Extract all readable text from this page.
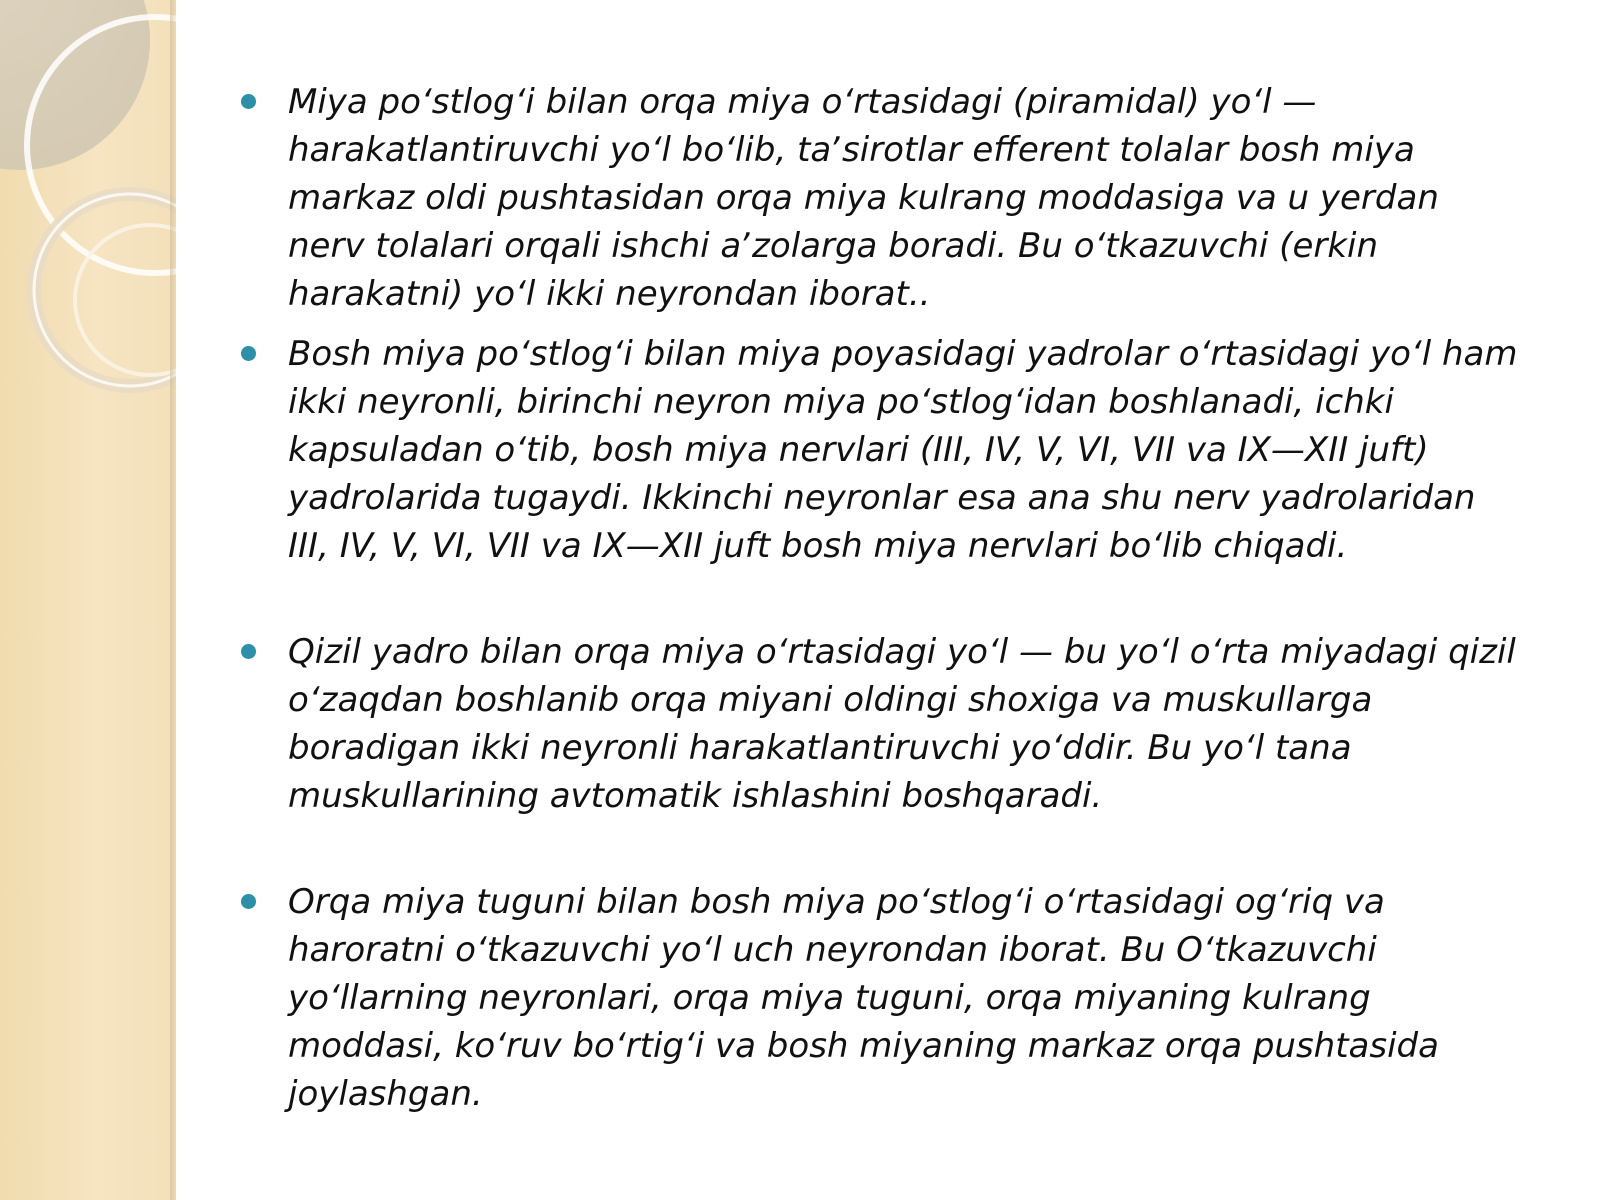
Miya poʻstlogʻi bilan orqa miya oʻrtasidagi (piramidal) yoʻl — harakatlantiruvchi yoʻl boʻlib, taʼsirotlar efferent tolalar bosh miya markaz oldi pushtasidan orqa miya kulrang moddasiga va u yerdan nerv tolalari orqali ishchi aʼzolarga boradi. Bu oʻtkazuvchi (erkin harakatni) yoʻl ikki neyrondan iborat..
Bosh miya poʻstlogʻi bilan miya poyasidagi yadrolar oʻrtasidagi yoʻl ham ikki neyronli, birinchi neyron miya poʻstlogʻidan boshlanadi, ichki kapsuladan oʻtib, bosh miya nervlari (III, IV, V, VI, VII va IX—XII juft) yadrolarida tugaydi. Ikkinchi neyronlar esa ana shu nerv yadrolaridan III, IV, V, VI, VII va IX—XII juft bosh miya nervlari boʻlib chiqadi.
Qizil yadro bilan orqa miya oʻrtasidagi yoʻl — bu yoʻl oʻrta miyadagi qizil oʻzaqdan boshlanib orqa miyani oldingi shoxiga va muskullarga boradigan ikki neyronli harakatlantiruvchi yoʻddir. Bu yoʻl tana muskullarining avtomatik ishlashini boshqaradi.
Orqa miya tuguni bilan bosh miya poʻstlogʻi oʻrtasidagi ogʻriq va haroratni oʻtkazuvchi yoʻl uch neyrondan iborat. Bu Oʻtkazuvchi yoʻllarning neyronlari, orqa miya tuguni, orqa miyaning kulrang moddasi, koʻruv boʻrtigʻi va bosh miyaning markaz orqa pushtasida joylashgan.
